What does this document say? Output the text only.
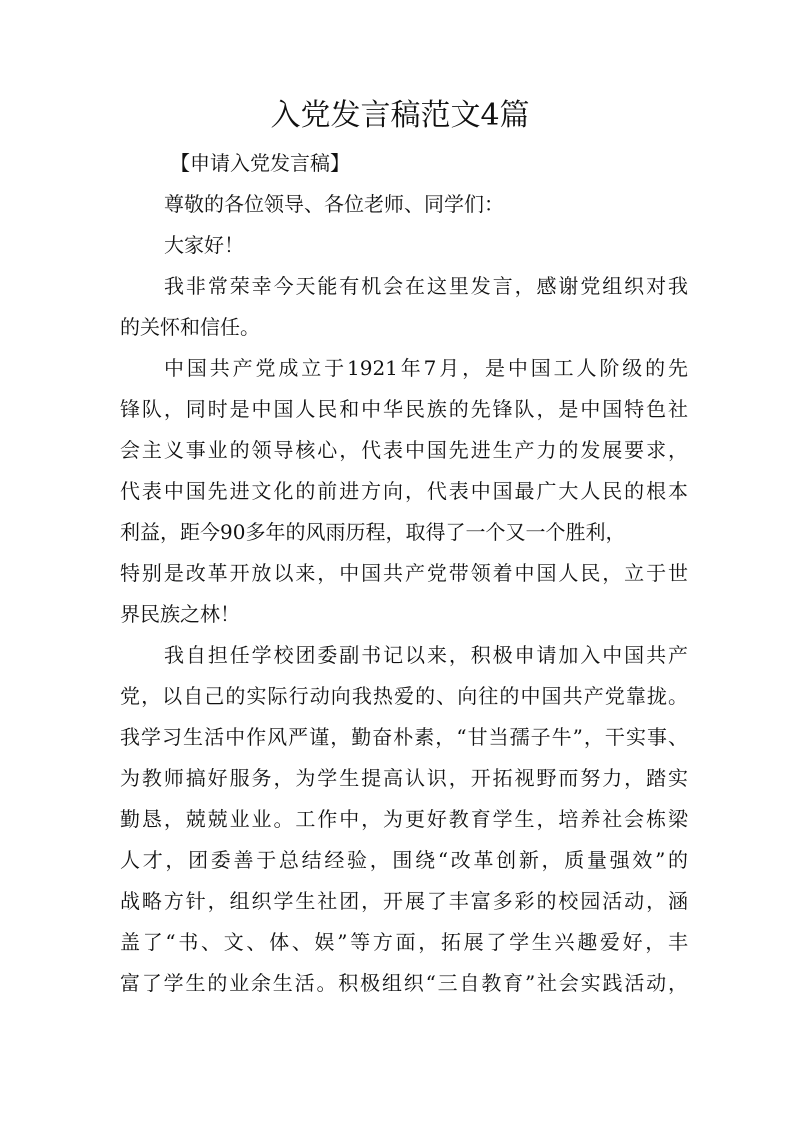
入党发言稿范文4篇
【申请入党发言稿】
尊敬的各位领导、各位老师、同学们：
大家好！
我非常荣幸今天能有机会在这里发言，感谢党组织对我
的关怀和信任。
中国共产党成立于1921年7月，是中国工人阶级的先
锋队，同时是中国人民和中华民族的先锋队，是中国特色社
会主义事业的领导核心，代表中国先进生产力的发展要求，
代表中国先进文化的前进方向，代表中国最广大人民的根本
利益，距今90多年的风雨历程，取得了一个又一个胜利，
特别是改革开放以来，中国共产党带领着中国人民，立于世
界民族之林！
我自担任学校团委副书记以来，积极申请加入中国共产
党，以自己的实际行动向我热爱的、向往的中国共产党靠拢。
我学习生活中作风严谨，勤奋朴素，“甘当孺子牛”，干实事、
为教师搞好服务，为学生提高认识，开拓视野而努力，踏实
勤恳，兢兢业业。工作中，为更好教育学生，培养社会栋梁
人才，团委善于总结经验，围绕“改革创新，质量强效”的
战略方针，组织学生社团，开展了丰富多彩的校园活动，涵
盖了“书、文、体、娱”等方面，拓展了学生兴趣爱好，丰
富了学生的业余生活。积极组织“三自教育”社会实践活动，
